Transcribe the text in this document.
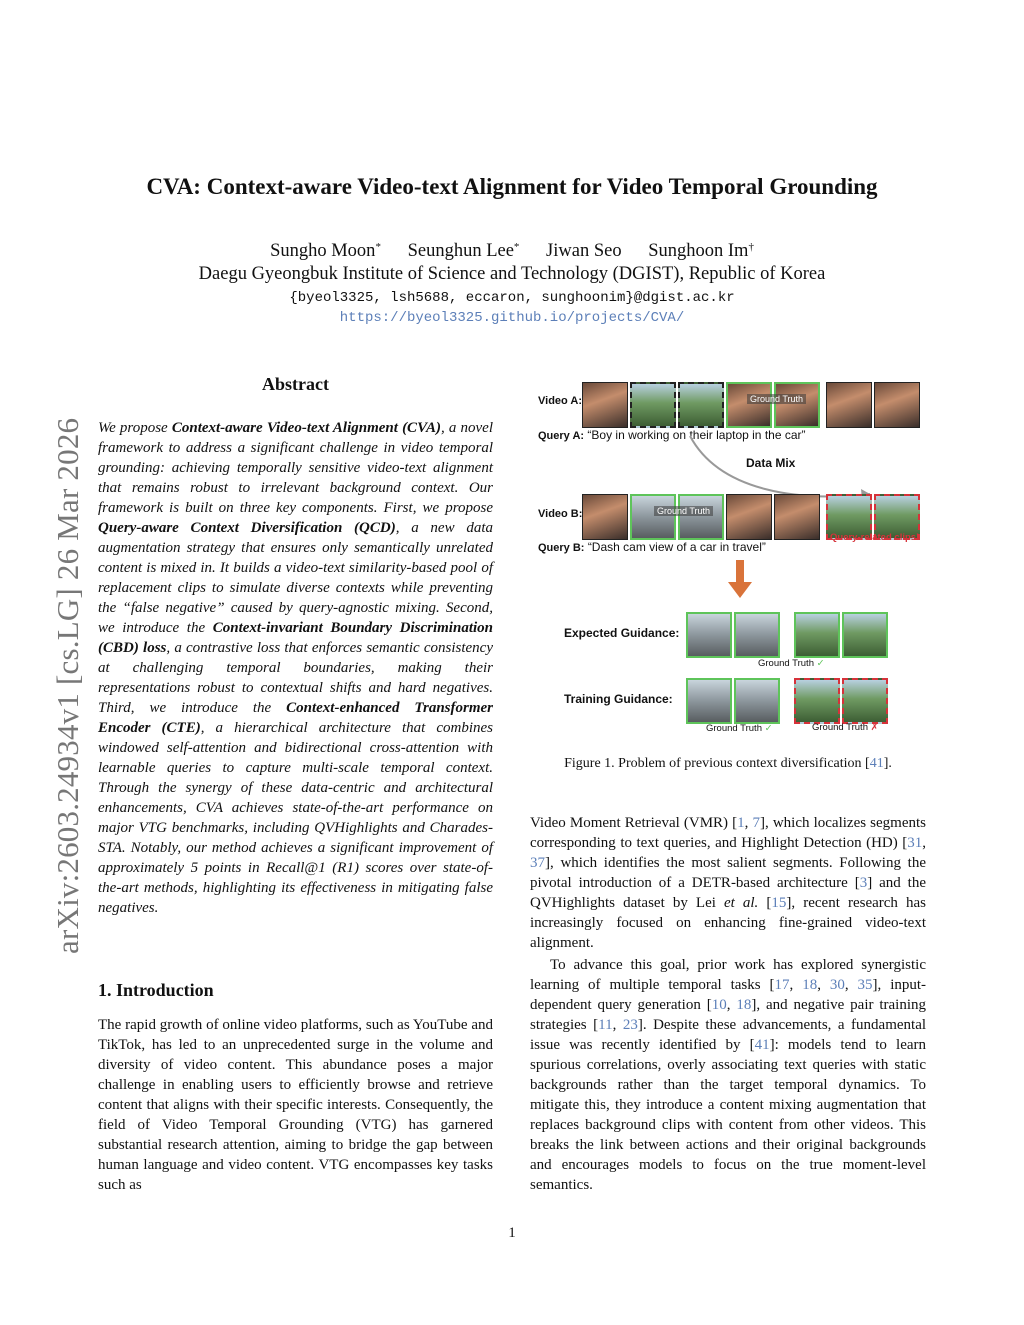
arXiv:2603.24934v1 [cs.LG] 26 Mar 2026
CVA: Context-aware Video-text Alignment for Video Temporal Grounding
Sungho Moon* Seunghun Lee* Jiwan Seo Sunghoon Im†
Daegu Gyeongbuk Institute of Science and Technology (DGIST), Republic of Korea
{byeol3325, lsh5688, eccaron, sunghoonim}@dgist.ac.kr
https://byeol3325.github.io/projects/CVA/
Abstract
We propose Context-aware Video-text Alignment (CVA), a novel framework to address a significant challenge in video temporal grounding: achieving temporally sensitive video-text alignment that remains robust to irrelevant background context. Our framework is built on three key components. First, we propose Query-aware Context Diversification (QCD), a new data augmentation strategy that ensures only semantically unrelated content is mixed in. It builds a video-text similarity-based pool of replacement clips to simulate diverse contexts while preventing the “false negative” caused by query-agnostic mixing. Second, we introduce the Context-invariant Boundary Discrimination (CBD) loss, a contrastive loss that enforces semantic consistency at challenging temporal boundaries, making their representations robust to contextual shifts and hard negatives. Third, we introduce the Context-enhanced Transformer Encoder (CTE), a hierarchical architecture that combines windowed self-attention and bidirectional cross-attention with learnable queries to capture multi-scale temporal context. Through the synergy of these data-centric and architectural enhancements, CVA achieves state-of-the-art performance on major VTG benchmarks, including QVHighlights and Charades-STA. Notably, our method achieves a significant improvement of approximately 5 points in Recall@1 (R1) scores over state-of-the-art methods, highlighting its effectiveness in mitigating false negatives.
1. Introduction
The rapid growth of online video platforms, such as YouTube and TikTok, has led to an unprecedented surge in the volume and diversity of video content. This abundance poses a major challenge in enabling users to efficiently browse and retrieve content that aligns with their specific interests. Consequently, the field of Video Temporal Grounding (VTG) has garnered substantial research attention, aiming to bridge the gap between human language and video content. VTG encompasses key tasks such as
Video A:	Ground Truth
Query A: “Boy in working on their laptop in the car”
Data Mix
Video B:	Ground Truth
Query-related clips!
Query B: “Dash cam view of a car in travel”
Expected Guidance:
Ground Truth ✓
Training Guidance:
Ground Truth ✓	Ground Truth ✗
Figure 1. Problem of previous context diversification [41].

Video Moment Retrieval (VMR) [1, 7], which localizes segments corresponding to text queries, and Highlight Detection (HD) [31, 37], which identifies the most salient segments. Following the pivotal introduction of a DETR-based architecture [3] and the QVHighlights dataset by Lei et al. [15], recent research has increasingly focused on enhancing fine-grained video-text alignment.

To advance this goal, prior work has explored synergistic learning of multiple temporal tasks [17, 18, 30, 35], input-dependent query generation [10, 18], and negative pair training strategies [11, 23]. Despite these advancements, a fundamental issue was recently identified by [41]: models tend to learn spurious correlations, overly associating text queries with static backgrounds rather than the target temporal dynamics. To mitigate this, they introduce a content mixing augmentation that replaces background clips with content from other videos. This breaks the link between actions and their original backgrounds and encourages models to focus on the true moment-level semantics.

1
